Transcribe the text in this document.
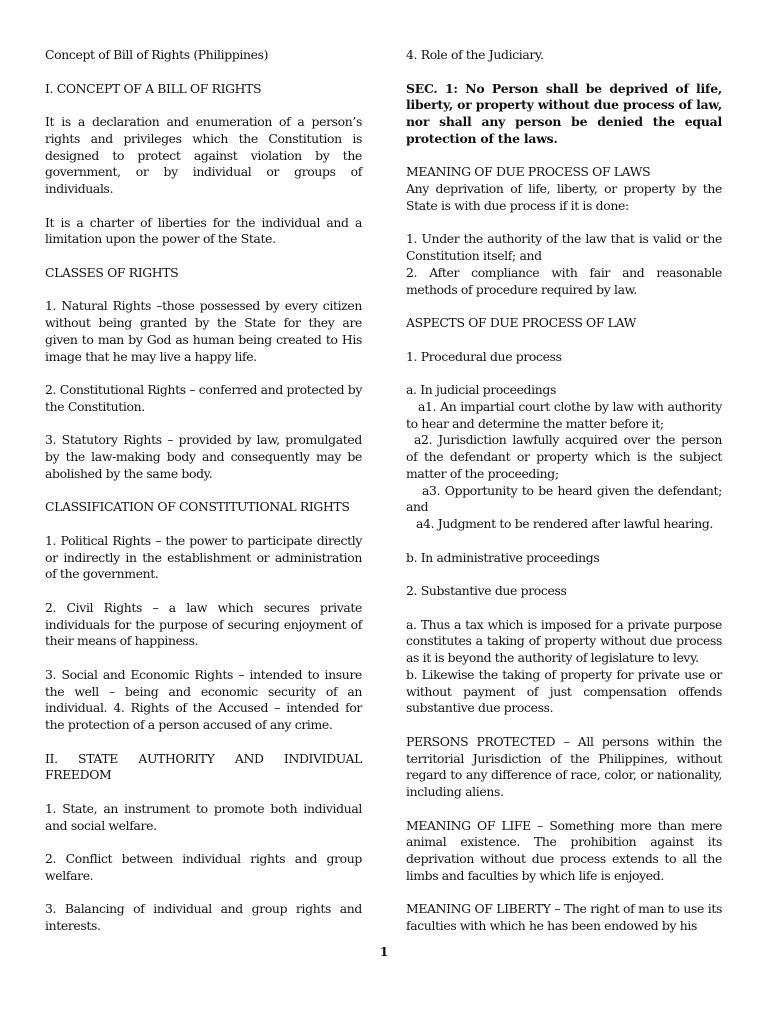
Concept of Bill of Rights (Philippines)

I. CONCEPT OF A BILL OF RIGHTS

It is a declaration and enumeration of a person’s rights and privileges which the Constitution is designed to protect against violation by the government, or by individual or groups of individuals.

It is a charter of liberties for the individual and a limitation upon the power of the State.

CLASSES OF RIGHTS

1. Natural Rights –those possessed by every citizen without being granted by the State for they are given to man by God as human being created to His image that he may live a happy life.

2. Constitutional Rights – conferred and protected by the Constitution.

3. Statutory Rights – provided by law, promulgated by the law-making body and consequently may be abolished by the same body.

CLASSIFICATION OF CONSTITUTIONAL RIGHTS

1. Political Rights – the power to participate directly or indirectly in the establishment or administration of the government.

2. Civil Rights – a law which secures private individuals for the purpose of securing enjoyment of their means of happiness.

3. Social and Economic Rights – intended to insure the well – being and economic security of an individual. 4. Rights of the Accused – intended for the protection of a person accused of any crime.

II. STATE AUTHORITY AND INDIVIDUAL FREEDOM

1. State, an instrument to promote both individual and social welfare.

2. Conflict between individual rights and group welfare.

3. Balancing of individual and group rights and interests.

4. Role of the Judiciary.

SEC. 1: No Person shall be deprived of life, liberty, or property without due process of law, nor shall any person be denied the equal protection of the laws.

MEANING OF DUE PROCESS OF LAWS

Any deprivation of life, liberty, or property by the State is with due process if it is done:

1. Under the authority of the law that is valid or the Constitution itself; and

2. After compliance with fair and reasonable methods of procedure required by law.

ASPECTS OF DUE PROCESS OF LAW

1. Procedural due process

a. In judicial proceedings

a1. An impartial court clothe by law with authority to hear and determine the matter before it;

a2. Jurisdiction lawfully acquired over the person of the defendant or property which is the subject matter of the proceeding;

a3. Opportunity to be heard given the defendant; and

a4. Judgment to be rendered after lawful hearing.

b. In administrative proceedings

2. Substantive due process

a. Thus a tax which is imposed for a private purpose constitutes a taking of property without due process as it is beyond the authority of legislature to levy.

b. Likewise the taking of property for private use or without payment of just compensation offends substantive due process.

PERSONS PROTECTED – All persons within the territorial Jurisdiction of the Philippines, without regard to any difference of race, color, or nationality, including aliens.

MEANING OF LIFE – Something more than mere animal existence. The prohibition against its deprivation without due process extends to all the limbs and faculties by which life is enjoyed.

MEANING OF LIBERTY – The right of man to use its faculties with which he has been endowed by his

1
